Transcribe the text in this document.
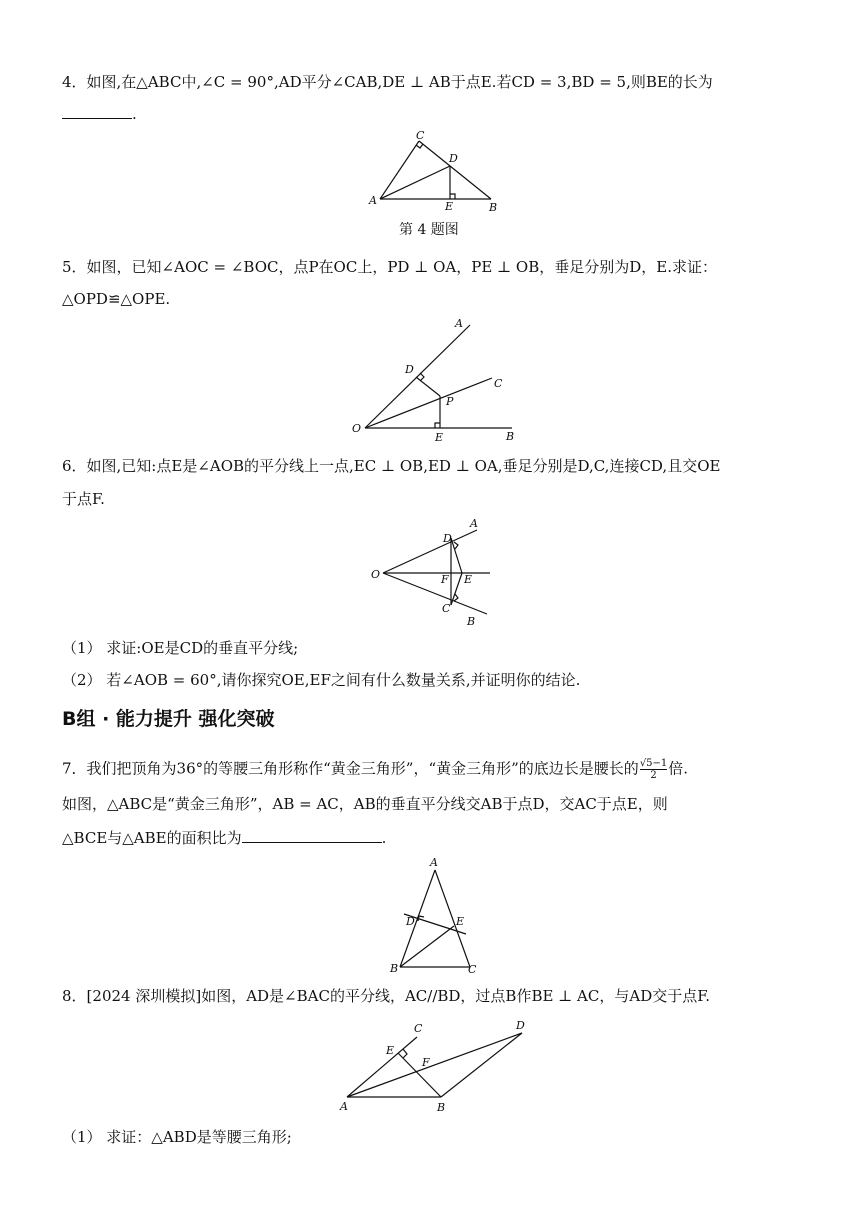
4．如图,在△ABC中,∠C = 90°,AD平分∠CAB,DE ⊥ AB于点E.若CD = 3,BD = 5,则BE的长为
.
A
B
C
D
E
第 4 题图
5．如图，已知∠AOC = ∠BOC，点P在OC上，PD ⊥ OA，PE ⊥ OB，垂足分别为D，E.求证：
△OPD≌△OPE.
O
A
B
C
D
E
P
6．如图,已知:点E是∠AOB的平分线上一点,EC ⊥ OB,ED ⊥ OA,垂足分别是D,C,连接CD,且交OE
于点F.
O
A
B
C
D
E
F
（1） 求证:OE是CD的垂直平分线;
（2） 若∠AOB = 60°,请你探究OE,EF之间有什么数量关系,并证明你的结论.
B组 · 能力提升 强化突破
7．我们把顶角为36°的等腰三角形称作“黄金三角形”，“黄金三角形”的底边长是腰长的 $\frac{√5-1}{2}$ 倍.
如图，△ABC是“黄金三角形”，AB = AC，AB的垂直平分线交AB于点D，交AC于点E，则
△BCE与△ABE的面积比为	.
A
B	C
D	E
8．[2024 深圳模拟]如图，AD是∠BAC的平分线，AC//BD，过点B作BE ⊥ AC，与AD交于点F.
A	B
C	D
E
F
（1） 求证：△ABD是等腰三角形;
